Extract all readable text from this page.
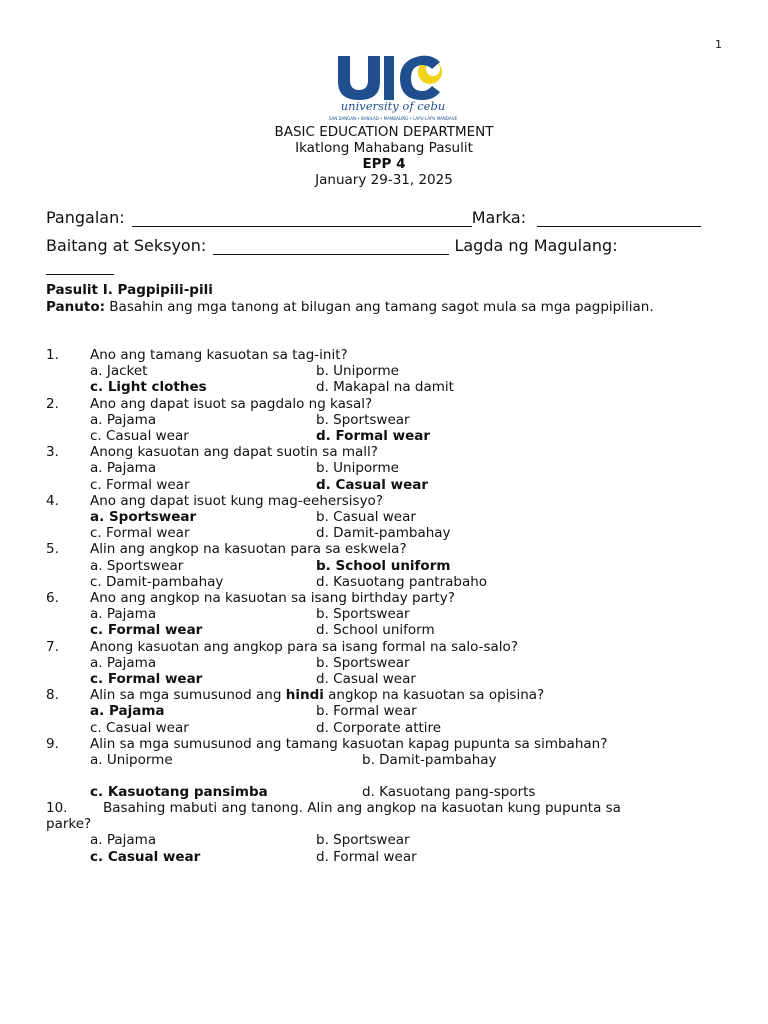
1
university of cebu
SAN DANGAN • BANILAD • MAMBALING • LAPU-LAPU MANDAUE
BASIC EDUCATION DEPARTMENT
Ikatlong Mahabang Pasulit
EPP 4
January 29-31, 2025
Pangalan:	Marka:
Baitang at Seksyon:	Lagda ng Magulang:
Pasulit I. Pagpipili-pili
Panuto: Basahin ang mga tanong at bilugan ang tamang sagot mula sa mga pagpipilian.
1. Ano ang tamang kasuotan sa tag-init?
a. Jacket	b. Uniporme
c. Light clothes	d. Makapal na damit
2. Ano ang dapat isuot sa pagdalo ng kasal?
a. Pajama	b. Sportswear
c. Casual wear	d. Formal wear
3. Anong kasuotan ang dapat suotin sa mall?
a. Pajama	b. Uniporme
c. Formal wear	d. Casual wear
4. Ano ang dapat isuot kung mag-eehersisyo?
a. Sportswear	b. Casual wear
c. Formal wear	d. Damit-pambahay
5. Alin ang angkop na kasuotan para sa eskwela?
a. Sportswear	b. School uniform
c. Damit-pambahay	d. Kasuotang pantrabaho
6. Ano ang angkop na kasuotan sa isang birthday party?
a. Pajama	b. Sportswear
c. Formal wear	d. School uniform
7. Anong kasuotan ang angkop para sa isang formal na salo-salo?
a. Pajama	b. Sportswear
c. Formal wear	d. Casual wear
8. Alin sa mga sumusunod ang hindi angkop na kasuotan sa opisina?
a. Pajama	b. Formal wear
c. Casual wear	d. Corporate attire
9. Alin sa mga sumusunod ang tamang kasuotan kapag pupunta sa simbahan?
a. Uniporme	b. Damit-pambahay
c. Kasuotang pansimba	d. Kasuotang pang-sports
10.	Basahing mabuti ang tanong. Alin ang angkop na kasuotan kung pupunta sa
parke?
a. Pajama	b. Sportswear
c. Casual wear	d. Formal wear
